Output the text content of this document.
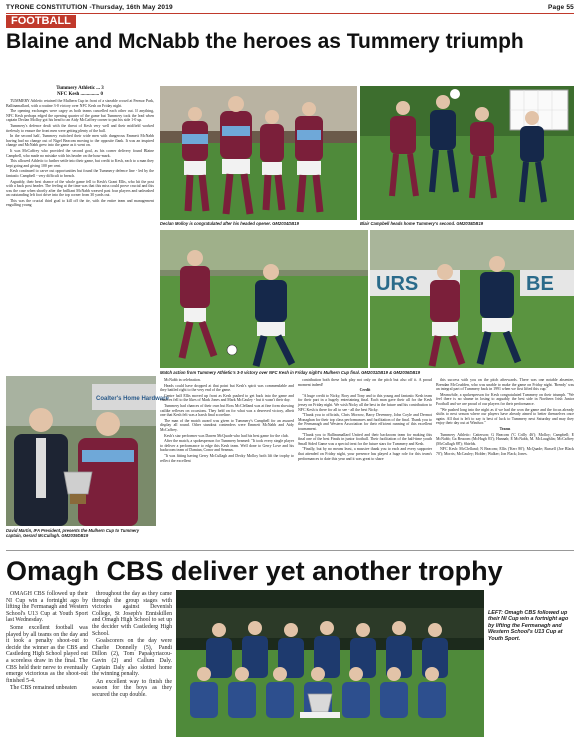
TYRONE CONSTITUTION -Thursday, 16th May 2019	Page 55
FOOTBALL
Blaine and McNabb the heroes as Tummery triumph
Tummery Athletic ... 3
NFC Kesh ............... 0

TUMMERY Athletic retained the Mulhern Cup in front of a sizeable crowd at Fermor Park, Ballinamallard, with a routine 3-0 victory over NFC Kesh on Friday night.

The opening exchanges were cagey as both teams cancelled each other out. If anything, NFC Kesh perhaps edged the opening quarter of the game but Tummery took the lead when captain Declan Molloy got his head to an Aidy McCaffrey corner to put his side 1-0 up.

Tummery's defence dealt with the threat of Kesh very well and their midfield worked tirelessly to ensure the front men were getting plenty of the ball.

In the second half, Tummery switched their wide men with dangerous Emmett McNabb having had no change out of Nigel Beacom moving to the opposite flank. It was an inspired change and McNabb grew into the game as it went on.

It was McCaffrey who provided the second goal, as his corner delivery found Blaine Campbell, who made no mistake with his header on the hour-mark.

This allowed Athletic to further settle into their game, but credit to Kesh, each to a man they kept going and giving 100 per cent.

Kesh continued to carve out opportunities but found the Tummery defence line - led by the fantastic Campbell - very difficult to breach.

Arguably, their best chance of the whole game fell to Kesh's Grant Ellis, who hit the post with a back post header. The feeling at the time was that this miss could prove crucial and this was the case when shortly after the brilliant McNabb weaved past four players and unleashed an outstanding left foot drive into the top corner from 30 yards out.

This was the crucial third goal to kill off the tie, with the entire team and management engulfing young

Declan Molloy is congratulated after his headed opener. GM2034DB19	Blair Campbell heads home Tummery's second. GM2038DB19
URS	BE
Match action from Tummery Athletic's 3-0 victory over NFC Kesh in Friday night's Mulhern Cup final. GM2031DB19 & GM2036DB19
Coalter's Home Hardware
David Martin, IFA President, presents the Mulhern Cup to Tummery captain, Gerard McCullagh. GM2039DB19

McNabb in celebration.

Heads could have dropped at that point but Kesh's spirit was commendable and they battled right to the very end of the game.

Centre half Ellis moved up front as Kesh pushed to get back into the game and chances fell to the likes of Mark Jones and Mark McCauley - but it wasn't their day.

Tummery had chances of their own but Ross McClelland was at fine form showing catlike reflexes on occasions. They held on for what was a deserved victory, albeit one that Kesh felt was a harsh final scoreline.

The man of the match award was given to Tummery's Campbell for an assured display all round. Other standout contenders were Emmett McNabb and Aidy McCaffrey.

Kesh's star performer was Darren McQuade who had his best game for the club.

After the match, a spokesperson for Tummery beamed: "It took every single player to deliver a performance to edge this Kesh team. Well done to Gerry Love and his backroom team of Damian, Conor and Seamus.

"It was fitting having Gerry McCullagh and Decky Molloy both lift the trophy to reflect the excellent

contribution both these lads play not only on the pitch but also off it. A proud moment indeed!

Credit

"A huge credit to Nicky, Rory and Tony and to this young and fantastic Kesh team for their part in a hugely entertaining final. Each man gave their all for the Kesh jersey on Friday night. We wish Nicky all the best in the future and his contribution to NFC Kesh is there for all to see - all the best Nicky.

"Thank you to officials, Chris Morrow, Barry Devenney, John Coyle and Dermot Monaghan for their top class performances and facilitation of the final. Thank you to the Fermanagh and Western Association for their efficient running of this excellent tournament.

"Thank you to Ballinamallard United and their backroom team for making this final one of the best Finals in junior football. Their facilitation of the half-time youth Small Sided Game was a special treat for the future stars for Tummery and Kesh.

"Finally, but by no means least, a massive thank you to each and every supporter that attended on Friday night, your presence has played a huge role for this team's performances to date this year and it was great to share

this success with you on the pitch afterwards. There was one notable absentee, Brendan McCrudden, who was unable to make the game on Friday night. 'Brendy' was an integral part of Tummery back in 1991 when we first lifted this cup."

Meanwhile, a spokesperson for Kesh congratulated Tummery on their triumph. "We feel there is no shame in losing to arguably the best side in Northern Irish Junior Football and we are proud of our players for their performance.

"We pushed long into the night as if we had the won the game and the focus already shifts to next season where our players have already aimed to better themselves once again. All that is left to say is best of luck to Tummery next Saturday and may they enjoy their day out at Windsor."

Teams

Tummery Athletic: Catterson; G Beacom ('C Crilly 46'); Molloy; Campbell; E McNabb; Ga Beacom (McHugh 83'); Hannah; E McNabb, M. McLaughlin; McCaffrey (McCullagh 88'); Shields.

NFC Kesh: McClelland; N Beacom; Ellis ('Kerr 80'); McQuade; Russell (Joe Black 70'); Morris; McCauley; Holder; Walker; Jon Flack; Jones.

Omagh CBS deliver yet another trophy

OMAGH CBS followed up their NI Cup win a fortnight ago by lifting the Fermanagh and Western School's U13 Cup at Youth Sport last Wednesday.

Some excellent football was played by all teams on the day and it took a penalty shoot-out to decide the winner as the CBS and Castlederg High School played out a scoreless draw in the final. The CBS held their nerve to eventually emerge victorious as the shoot-out finished 5-4.

The CBS remained unbeaten

throughout the day as they came through the group stages with victories against Devenish College, St Joseph's Enniskillen and Omagh High School to set up the decider with Castlederg High School.

Goalscorers on the day were Charlie Donnelly (5), Pandi Dillon (2), Tom Papakyriacou-Gavin (2) and Callum Daly. Captain Daly also slotted home the winning penalty.

An excellent way to finish the season for the boys as they secured the cup double.

LEFT: Omagh CBS followed up their NI Cup win a fortnight ago by lifting the Fermanagh and Western School's U13 Cup at Youth Sport.
